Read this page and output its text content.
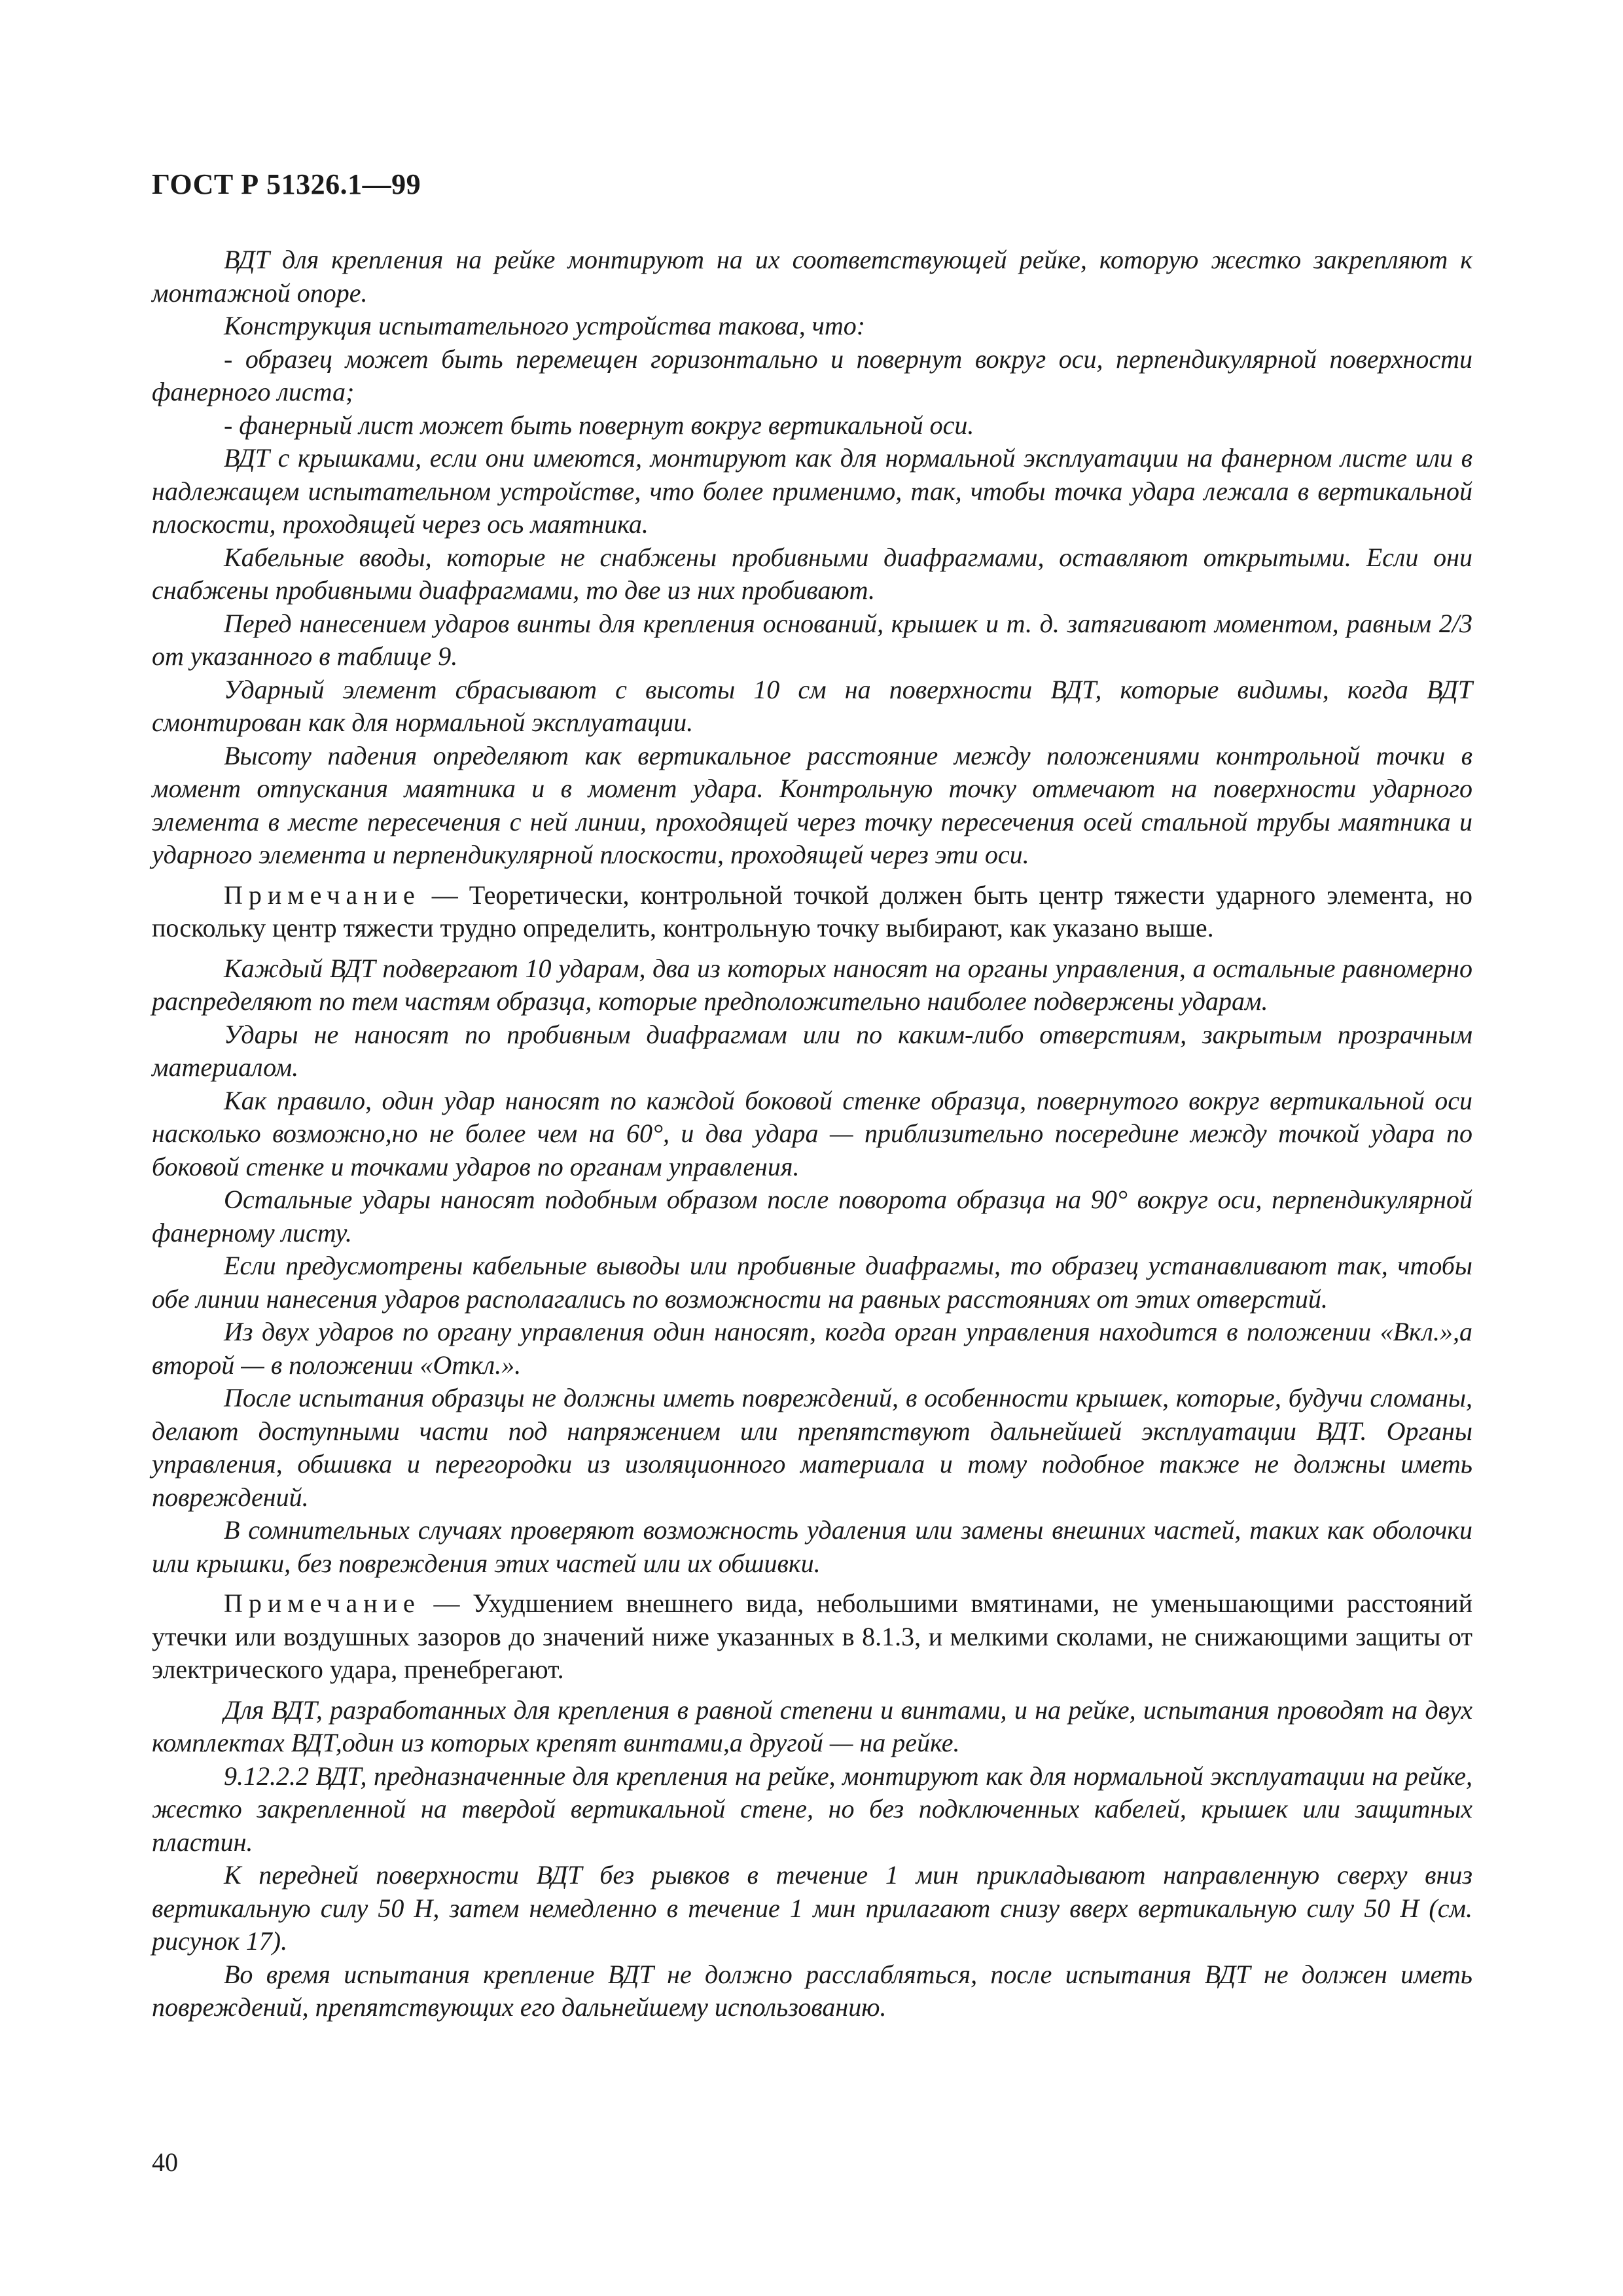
ГОСТ Р 51326.1—99

ВДТ для крепления на рейке монтируют на их соответствующей рейке, которую жестко закрепляют к монтажной опоре.

Конструкция испытательного устройства такова, что:

- образец может быть перемещен горизонтально и повернут вокруг оси, перпендикулярной поверхности фанерного листа;

- фанерный лист может быть повернут вокруг вертикальной оси.

ВДТ с крышками, если они имеются, монтируют как для нормальной эксплуатации на фанерном листе или в надлежащем испытательном устройстве, что более применимо, так, чтобы точка удара лежала в вертикальной плоскости, проходящей через ось маятника.

Кабельные вводы, которые не снабжены пробивными диафрагмами, оставляют открытыми. Если они снабжены пробивными диафрагмами, то две из них пробивают.

Перед нанесением ударов винты для крепления оснований, крышек и т. д. затягивают моментом, равным 2/3 от указанного в таблице 9.

Ударный элемент сбрасывают с высоты 10 см на поверхности ВДТ, которые видимы, когда ВДТ смонтирован как для нормальной эксплуатации.

Высоту падения определяют как вертикальное расстояние между положениями контрольной точки в момент отпускания маятника и в момент удара. Контрольную точку отмечают на поверхности ударного элемента в месте пересечения с ней линии, проходящей через точку пересечения осей стальной трубы маятника и ударного элемента и перпендикулярной плоскости, проходящей через эти оси.

Примечание — Теоретически, контрольной точкой должен быть центр тяжести ударного элемента, но поскольку центр тяжести трудно определить, контрольную точку выбирают, как указано выше.

Каждый ВДТ подвергают 10 ударам, два из которых наносят на органы управления, а остальные равномерно распределяют по тем частям образца, которые предположительно наиболее подвержены ударам.

Удары не наносят по пробивным диафрагмам или по каким-либо отверстиям, закрытым прозрачным материалом.

Как правило, один удар наносят по каждой боковой стенке образца, повернутого вокруг вертикальной оси насколько возможно,но не более чем на 60°, и два удара — приблизительно посередине между точкой удара по боковой стенке и точками ударов по органам управления.

Остальные удары наносят подобным образом после поворота образца на 90° вокруг оси, перпендикулярной фанерному листу.

Если предусмотрены кабельные выводы или пробивные диафрагмы, то образец устанавливают так, чтобы обе линии нанесения ударов располагались по возможности на равных расстояниях от этих отверстий.

Из двух ударов по органу управления один наносят, когда орган управления находится в положении «Вкл.»,а второй — в положении «Откл.».

После испытания образцы не должны иметь повреждений, в особенности крышек, которые, будучи сломаны, делают доступными части под напряжением или препятствуют дальнейшей эксплуатации ВДТ. Органы управления, обшивка и перегородки из изоляционного материала и тому подобное также не должны иметь повреждений.

В сомнительных случаях проверяют возможность удаления или замены внешних частей, таких как оболочки или крышки, без повреждения этих частей или их обшивки.

Примечание — Ухудшением внешнего вида, небольшими вмятинами, не уменьшающими расстояний утечки или воздушных зазоров до значений ниже указанных в 8.1.3, и мелкими сколами, не снижающими защиты от электрического удара, пренебрегают.

Для ВДТ, разработанных для крепления в равной степени и винтами, и на рейке, испытания проводят на двух комплектах ВДТ,один из которых крепят винтами,а другой — на рейке.

9.12.2.2 ВДТ, предназначенные для крепления на рейке, монтируют как для нормальной эксплуатации на рейке, жестко закрепленной на твердой вертикальной стене, но без подключенных кабелей, крышек или защитных пластин.

К передней поверхности ВДТ без рывков в течение 1 мин прикладывают направленную сверху вниз вертикальную силу 50 Н, затем немедленно в течение 1 мин прилагают снизу вверх вертикальную силу 50 Н (см. рисунок 17).

Во время испытания крепление ВДТ не должно расслабляться, после испытания ВДТ не должен иметь повреждений, препятствующих его дальнейшему использованию.

40
